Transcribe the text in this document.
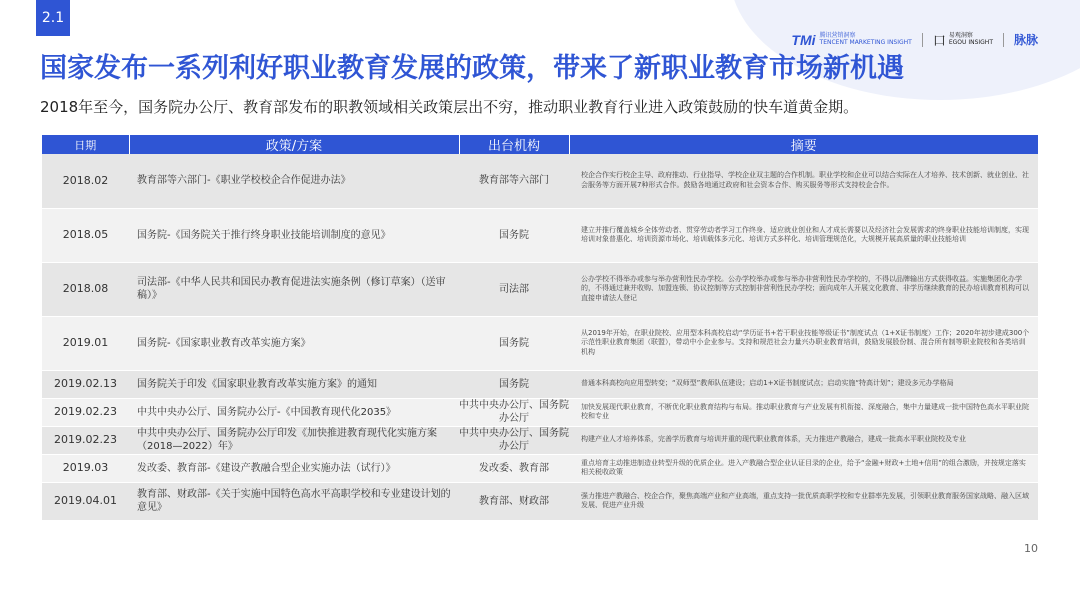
2.1
TMi 腾讯营销洞察
TENCENT MARKETING INSIGHT 口 易观洞察
EGOU INSIGHT 脉脉
国家发布一系列利好职业教育发展的政策，带来了新职业教育市场新机遇

2018年至今，国务院办公厅、教育部发布的职教领域相关政策层出不穷，推动职业教育行业进入政策鼓励的快车道黄金期。

日期	政策/方案	出台机构	摘要
2018.02	教育部等六部门-《职业学校校企合作促进办法》	教育部等六部门	校企合作实行校企主导、政府推动、行业指导、学校企业双主题的合作机制。职业学校和企业可以结合实际在人才培养、技术创新、就业创业、社会服务等方面开展7种形式合作。鼓励各地通过政府和社会资本合作、购买服务等形式支持校企合作。
2018.05	国务院-《国务院关于推行终身职业技能培训制度的意见》	国务院	建立并推行覆盖城乡全体劳动者、贯穿劳动者学习工作终身、适应就业创业和人才成长需要以及经济社会发展需求的终身职业技能培训制度，实现培训对象普惠化、培训资源市场化、培训载体多元化、培训方式多样化、培训管理规范化，大规模开展高质量的职业技能培训
2018.08	司法部-《中华人民共和国民办教育促进法实施条例（修订草案）（送审稿）》	司法部	公办学校不得举办或参与举办营利性民办学校。公办学校举办或参与举办非营利性民办学校的，不得以品牌输出方式获得收益。实施集团化办学的，不得通过兼并收购、加盟连锁、协议控制等方式控制非营利性民办学校；面向成年人开展文化教育、非学历继续教育的民办培训教育机构可以直接申请法人登记
2019.01	国务院-《国家职业教育改革实施方案》	国务院	从2019年开始，在职业院校、应用型本科高校启动“学历证书+若干职业技能等级证书”制度试点（1+X证书制度）工作；2020年初步建成300个示范性职业教育集团（联盟），带动中小企业参与。支持和规范社会力量兴办职业教育培训，鼓励发展股份制、混合所有制等职业院校和各类培训机构
2019.02.13	国务院关于印发《国家职业教育改革实施方案》的通知	国务院	普通本科高校向应用型转变；“双师型”教师队伍建设；启动1+X证书制度试点；启动实施“特高计划”；建设多元办学格局
2019.02.23	中共中央办公厅、国务院办公厅-《中国教育现代化2035》	中共中央办公厅、国务院办公厅	加快发展现代职业教育，不断优化职业教育结构与布局。推动职业教育与产业发展有机衔接、深度融合，集中力量建成一批中国特色高水平职业院校和专业
2019.02.23	中共中央办公厅、国务院办公厅印发《加快推进教育现代化实施方案（2018—2022）年》	中共中央办公厅、国务院办公厅	构建产业人才培养体系，完善学历教育与培训并重的现代职业教育体系，天力推进产教融合，建成一批高水平职业院校及专业
2019.03	发改委、教育部-《建设产教融合型企业实施办法（试行）》	发改委、教育部	重点培育主动推进制造业转型升级的优质企业。进入产教融合型企业认证目录的企业，给予“金融+财政+土地+信用”的组合激励，并按规定落实相关税收政策
2019.04.01	教育部、财政部-《关于实施中国特色高水平高职学校和专业建设计划的意见》	教育部、财政部	强力推进产教融合、校企合作，聚焦高端产业和产业高端，重点支持一批优质高职学校和专业群率先发展，引领职业教育服务国家战略、融入区域发展、促进产业升级
10
